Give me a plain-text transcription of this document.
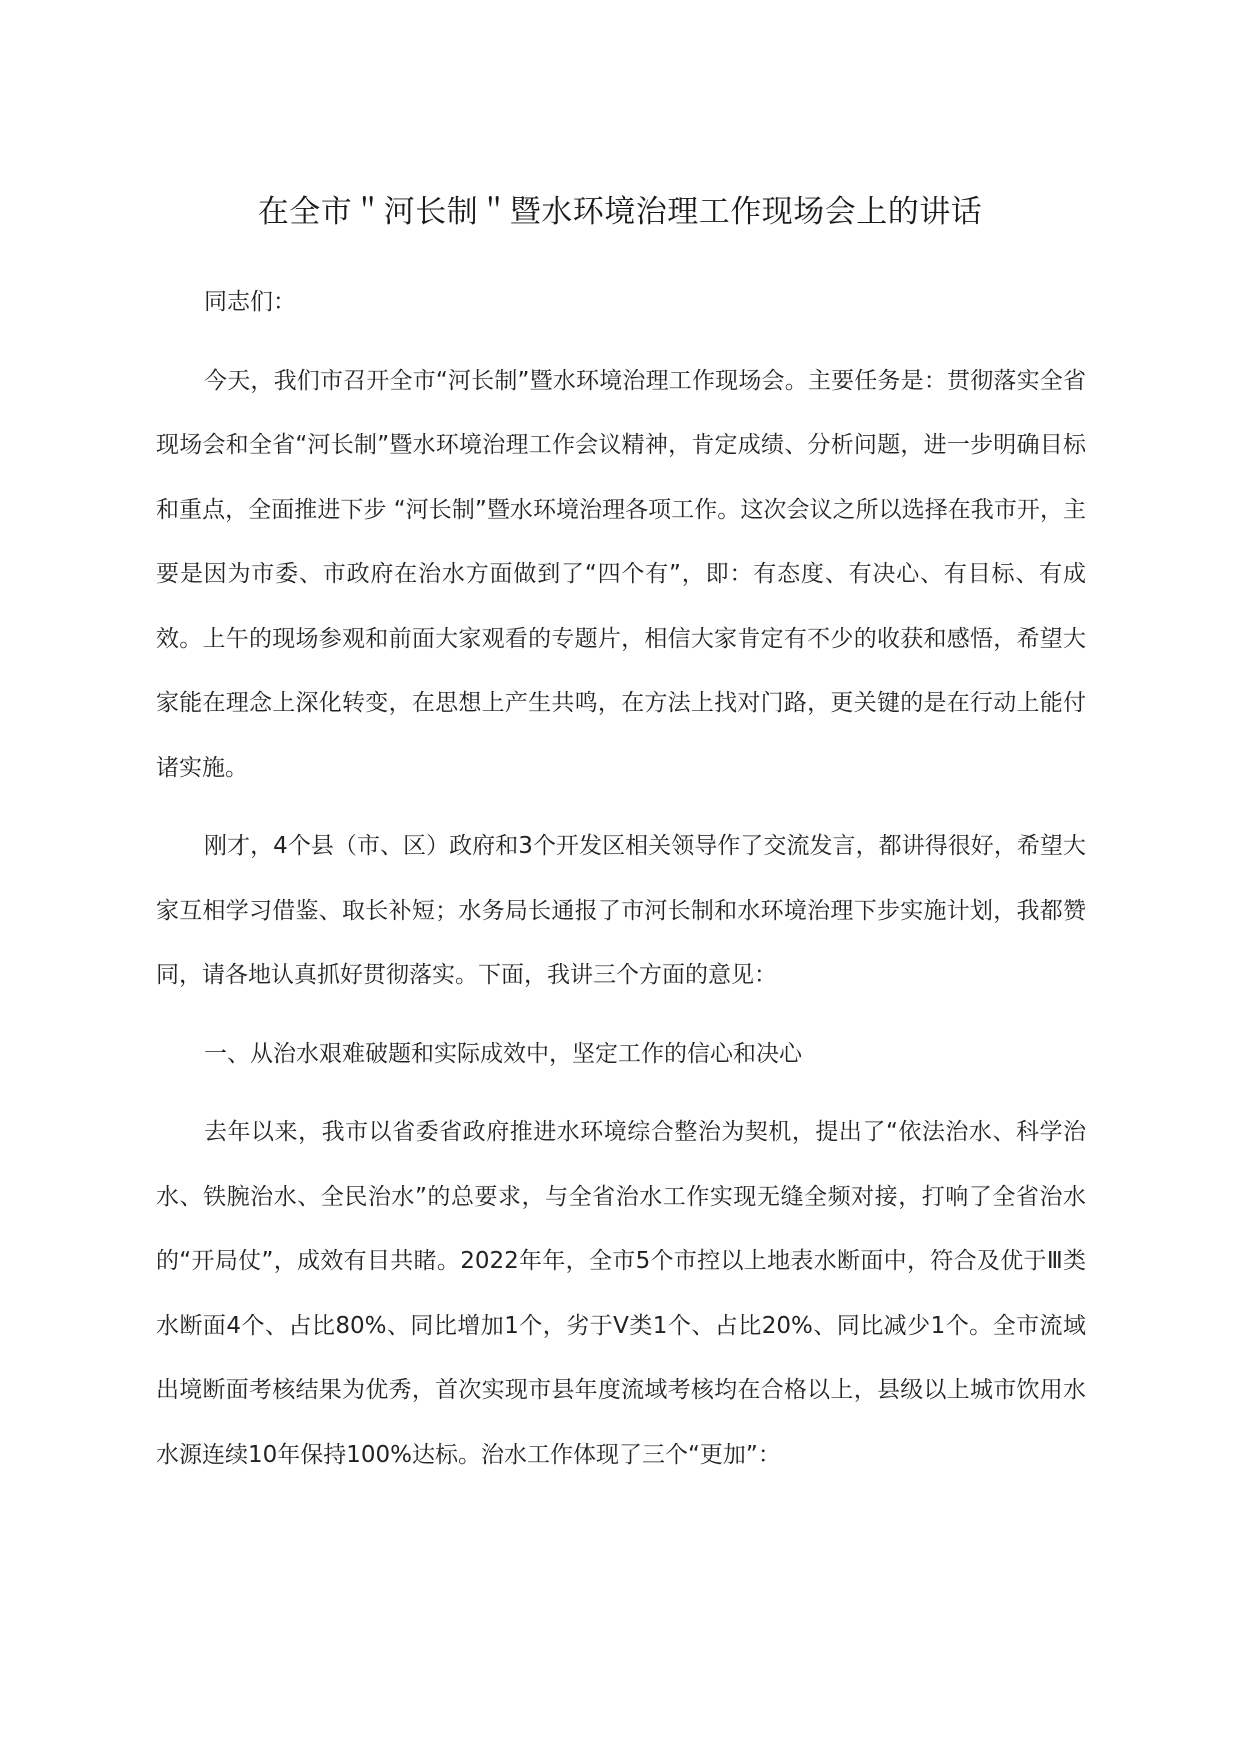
在全市＂河长制＂暨水环境治理工作现场会上的讲话

同志们：

今天，我们市召开全市“河长制”暨水环境治理工作现场会。主要任务是：贯彻落实全省现场会和全省“河长制”暨水环境治理工作会议精神，肯定成绩、分析问题，进一步明确目标和重点，全面推进下步 “河长制”暨水环境治理各项工作。这次会议之所以选择在我市开，主要是因为市委、市政府在治水方面做到了“四个有”，即：有态度、有决心、有目标、有成效。上午的现场参观和前面大家观看的专题片，相信大家肯定有不少的收获和感悟，希望大家能在理念上深化转变，在思想上产生共鸣，在方法上找对门路，更关键的是在行动上能付诸实施。

刚才，4个县（市、区）政府和3个开发区相关领导作了交流发言，都讲得很好，希望大家互相学习借鉴、取长补短；水务局长通报了市河长制和水环境治理下步实施计划，我都赞同，请各地认真抓好贯彻落实。下面，我讲三个方面的意见：

一、从治水艰难破题和实际成效中，坚定工作的信心和决心

去年以来，我市以省委省政府推进水环境综合整治为契机，提出了“依法治水、科学治水、铁腕治水、全民治水”的总要求，与全省治水工作实现无缝全频对接，打响了全省治水的“开局仗”，成效有目共睹。2022年年，全市5个市控以上地表水断面中，符合及优于Ⅲ类水断面4个、占比80%、同比增加1个，劣于Ⅴ类1个、占比20%、同比减少1个。全市流域出境断面考核结果为优秀，首次实现市县年度流域考核均在合格以上，县级以上城市饮用水水源连续10年保持100%达标。治水工作体现了三个“更加”：
